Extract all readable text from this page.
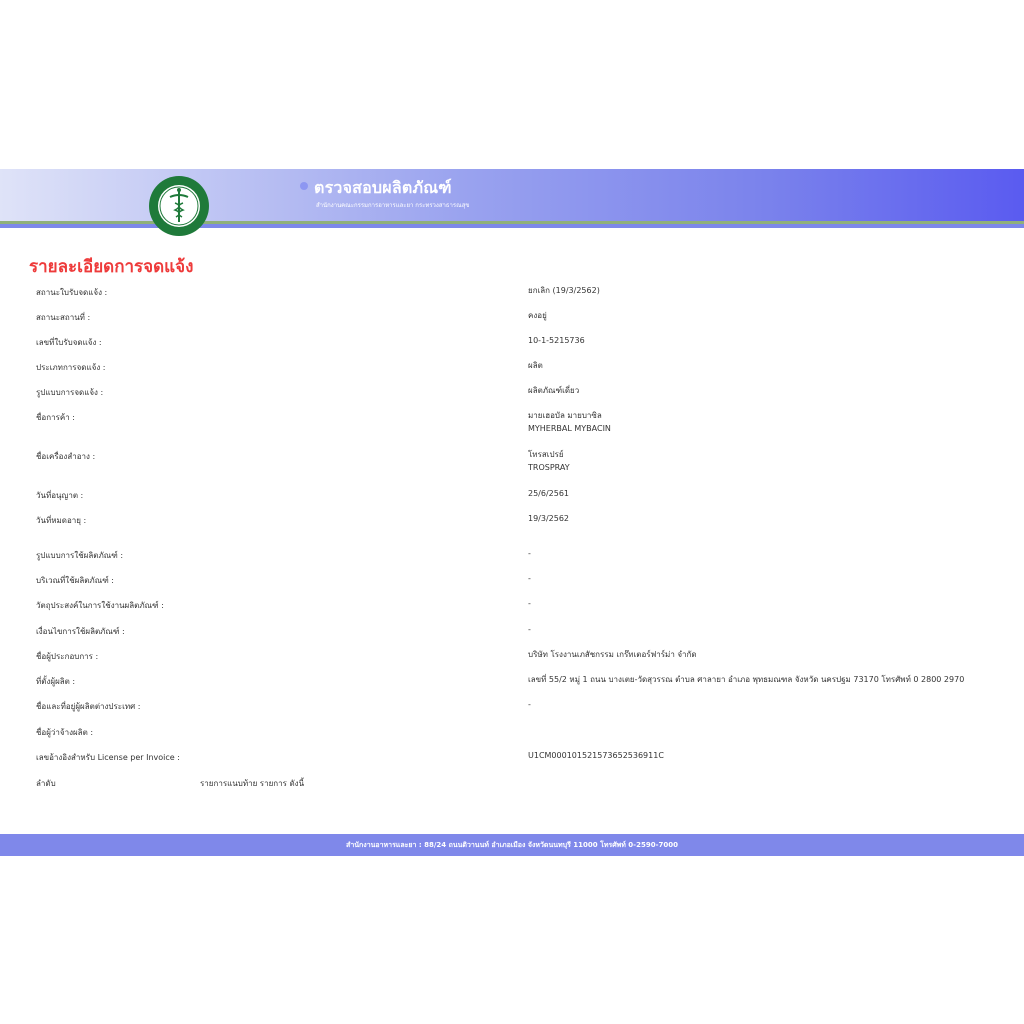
ตรวจสอบผลิตภัณฑ์
สำนักงานคณะกรรมการอาหารและยา กระทรวงสาธารณสุข
รายละเอียดการจดแจ้ง
สถานะใบรับจดแจ้ง :	ยกเลิก (19/3/2562)
สถานะสถานที่ :	คงอยู่
เลขที่ใบรับจดแจ้ง :	10-1-5215736
ประเภทการจดแจ้ง :	ผลิต
รูปแบบการจดแจ้ง :	ผลิตภัณฑ์เดี่ยว
ชื่อการค้า :	มายเฮอบัล มายบาซิล
MYHERBAL MYBACIN
ชื่อเครื่องสำอาง :	โทรสเปรย์
TROSPRAY
วันที่อนุญาต :	25/6/2561
วันที่หมดอายุ :	19/3/2562
รูปแบบการใช้ผลิตภัณฑ์ :	-
บริเวณที่ใช้ผลิตภัณฑ์ :	-
วัตถุประสงค์ในการใช้งานผลิตภัณฑ์ :	-
เงื่อนไขการใช้ผลิตภัณฑ์ :	-
ชื่อผู้ประกอบการ :	บริษัท โรงงานเภสัชกรรม เกร๊ทเตอร์ฟาร์ม่า จำกัด
ที่ตั้งผู้ผลิต :	เลขที่ 55/2 หมู่ 1 ถนน บางเตย-วัดสุวรรณ ตำบล ศาลายา อำเภอ พุทธมณฑล จังหวัด นครปฐม 73170 โทรศัพท์ 0 2800 2970
ชื่อและที่อยู่ผู้ผลิตต่างประเทศ :	-
ชื่อผู้ว่าจ้างผลิต :
เลขอ้างอิงสำหรับ License per Invoice :	U1CM000101521573652536911C
ลำดับ	รายการแนบท้าย รายการ ดังนี้
สำนักงานอาหารและยา : 88/24 ถนนติวานนท์ อำเภอเมือง จังหวัดนนทบุรี 11000 โทรศัพท์ 0-2590-7000
